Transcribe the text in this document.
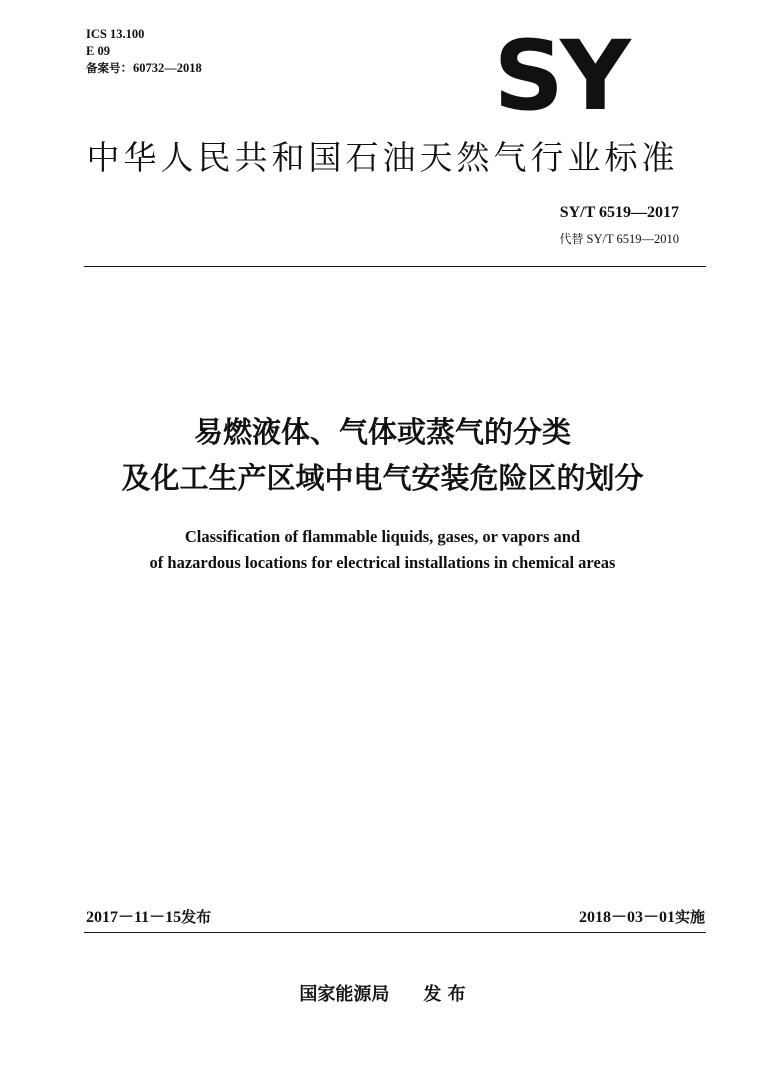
ICS 13.100
E 09
备案号：60732—2018	SY
中华人民共和国石油天然气行业标准
SY/T 6519—2017
代替 SY/T 6519—2010
易燃液体、气体或蒸气的分类
及化工生产区域中电气安装危险区的划分
Classification of flammable liquids, gases, or vapors and
of hazardous locations for electrical installations in chemical areas
2017－11－15发布	2018－03－01实施
国家能源局 发 布
